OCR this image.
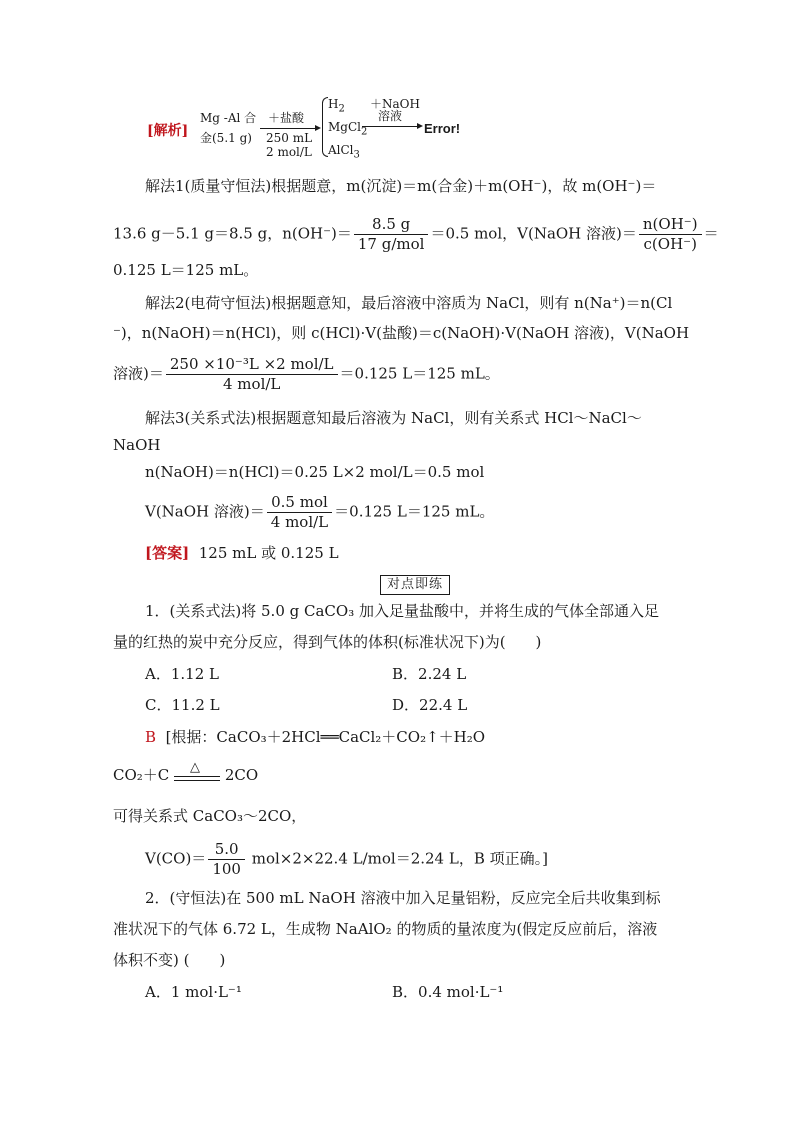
[解析]
Mg -Al 合
金(5.1 g)
＋盐酸
250 mL
2 mol/L
$H_2$
MgCl$_2$
AlCl$_3$
＋NaOH
溶液
Error!
解法1(质量守恒法)根据题意，m(沉淀)＝m(合金)＋m(OH⁻)，故 m(OH⁻)＝
13.6 g－5.1 g＝8.5 g，$n(OH^-)= \frac{8.5 g}{\text{17 g/mol}} =0.5$ mol，V(NaOH 溶液)＝ $\frac{n(OH^-)}{c(OH^-)}$ ＝
0.125 L＝125 mL。
解法2(电荷守恒法)根据题意知，最后溶液中溶质为 NaCl，则有 n(Na⁺)＝n(Cl
⁻)，n(NaOH)＝n(HCl)，则 c(HCl)·V(盐酸)＝c(NaOH)·V(NaOH 溶液)，V(NaOH
溶液)＝ $\frac{\text{250 ×10⁻³L ×2 mol/L}}{\text{4 mol/L}} =0.125$ L＝125 mL。
解法3(关系式法)根据题意知最后溶液为 NaCl，则有关系式 HCl～NaCl～
NaOH
n(NaOH)＝n(HCl)＝0.25 L×2 mol/L＝0.5 mol
V(NaOH 溶液)＝ $\frac{\text{0.5 mol}}{\text{4 mol/L}} =0.125$ L＝125 mL。
[答案] 125 mL 或 0.125 L
对点即练
1．(关系式法)将 5.0 g CaCO₃ 加入足量盐酸中，并将生成的气体全部通入足
量的红热的炭中充分反应，得到气体的体积(标准状况下)为(　　)
A．1.12 L	B．2.24 L
C．11.2 L	D．22.4 L
B [根据：CaCO₃＋2HCl══CaCl₂＋CO₂↑＋H₂O
CO₂＋C △ 2CO
可得关系式 CaCO₃～2CO，
$V(CO)= \frac{5.0}{100} mol\times 2\times 22.4$ L/mol＝2.24 L，B 项正确。]
2．(守恒法)在 500 mL NaOH 溶液中加入足量铝粉，反应完全后共收集到标
准状况下的气体 6.72 L，生成物 NaAlO₂ 的物质的量浓度为(假定反应前后，溶液
体积不变) (　　)
A．1 mol·L⁻¹	B．0.4 mol·L⁻¹
